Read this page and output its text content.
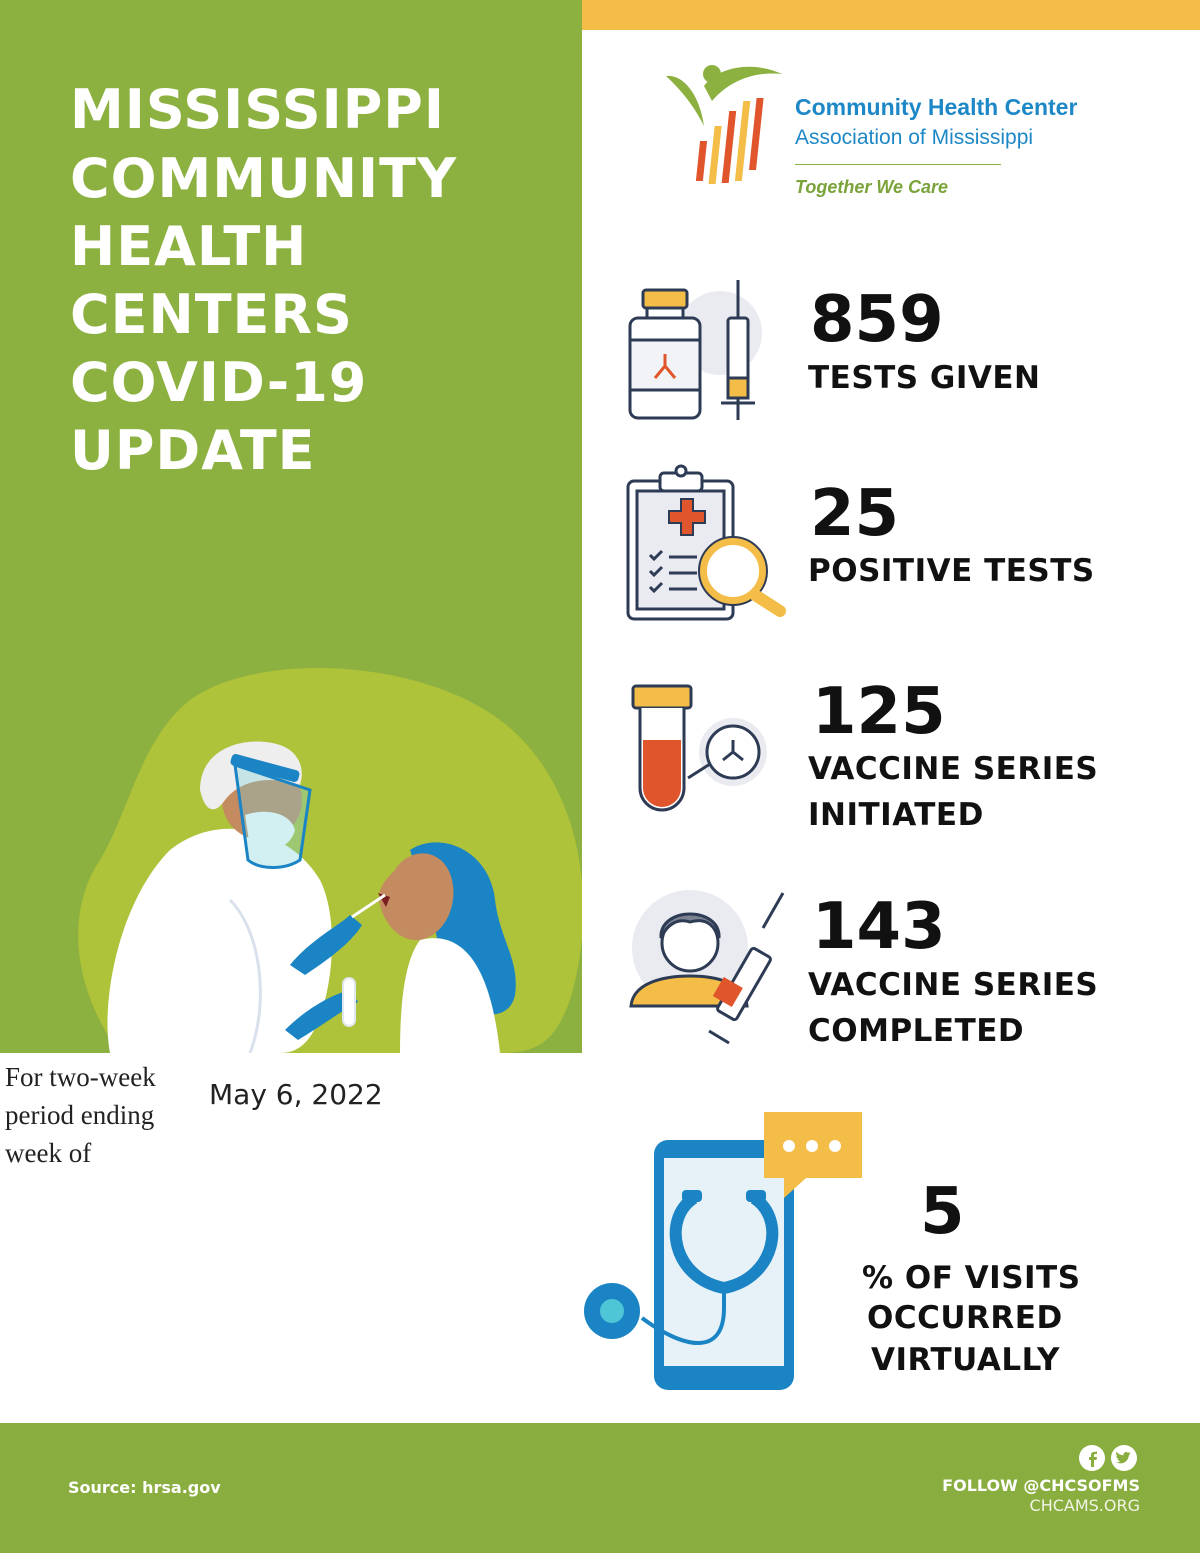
MISSISSIPPI
COMMUNITY
HEALTH
CENTERS
COVID-19
UPDATE
Community Health Center
Association of Mississippi
Together We Care
859
TESTS GIVEN
25
POSITIVE TESTS
125
VACCINE SERIES
INITIATED
143
VACCINE SERIES
COMPLETED
5
% OF VISITS
OCCURRED
VIRTUALLY
For two-week period ending week of
May 6, 2022
Source: hrsa.gov	FOLLOW @CHCSOFMS
CHCAMS.ORG
